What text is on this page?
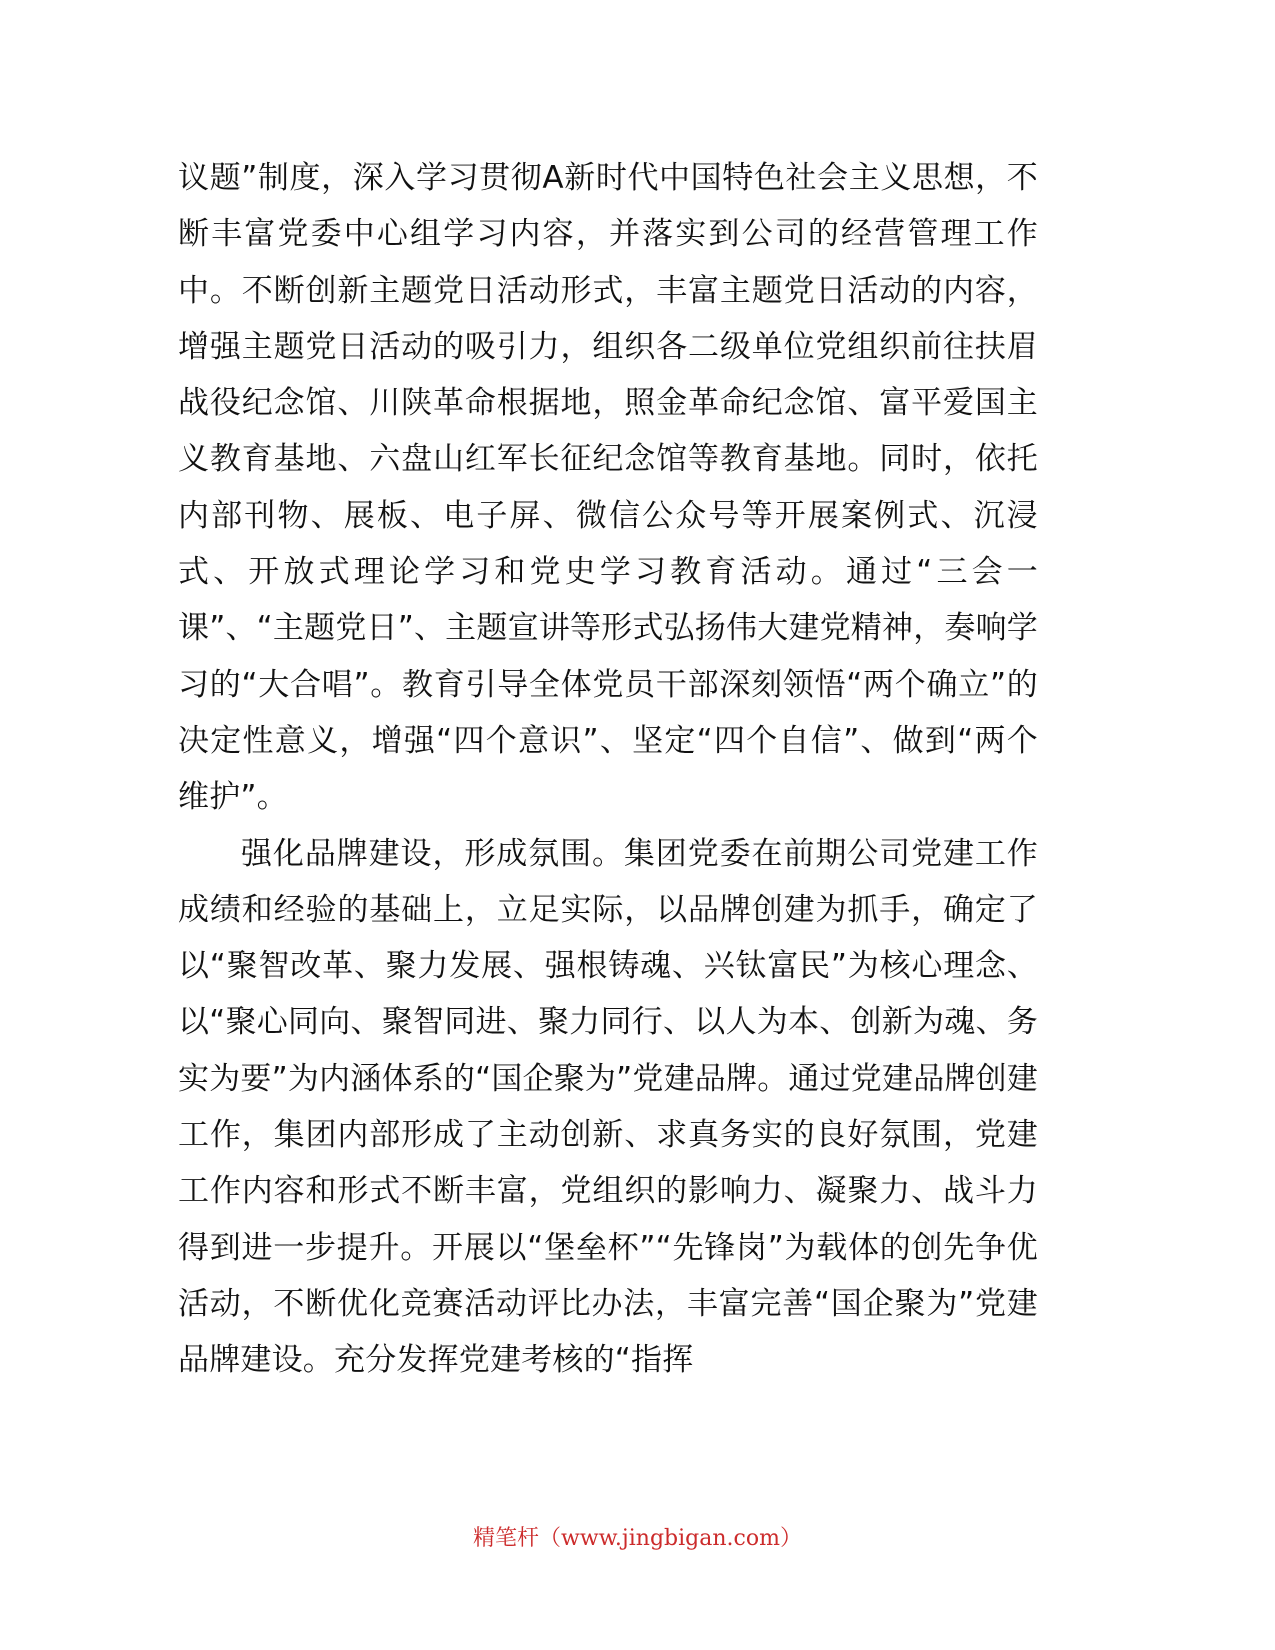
议题”制度，深入学习贯彻A新时代中国特色社会主义思想，不断丰富党委中心组学习内容，并落实到公司的经营管理工作中。不断创新主题党日活动形式，丰富主题党日活动的内容，增强主题党日活动的吸引力，组织各二级单位党组织前往扶眉战役纪念馆、川陕革命根据地，照金革命纪念馆、富平爱国主义教育基地、六盘山红军长征纪念馆等教育基地。同时，依托内部刊物、展板、电子屏、微信公众号等开展案例式、沉浸式、开放式理论学习和党史学习教育活动。通过“三会一课”、“主题党日”、主题宣讲等形式弘扬伟大建党精神，奏响学习的“大合唱”。教育引导全体党员干部深刻领悟“两个确立”的决定性意义，增强“四个意识”、坚定“四个自信”、做到“两个维护”。

强化品牌建设，形成氛围。集团党委在前期公司党建工作成绩和经验的基础上，立足实际，以品牌创建为抓手，确定了以“聚智改革、聚力发展、强根铸魂、兴钛富民”为核心理念、以“聚心同向、聚智同进、聚力同行、以人为本、创新为魂、务实为要”为内涵体系的“国企聚为”党建品牌。通过党建品牌创建工作，集团内部形成了主动创新、求真务实的良好氛围，党建工作内容和形式不断丰富，党组织的影响力、凝聚力、战斗力得到进一步提升。开展以“堡垒杯”“先锋岗”为载体的创先争优活动，不断优化竞赛活动评比办法，丰富完善“国企聚为”党建品牌建设。充分发挥党建考核的“指挥

精笔杆（www.jingbigan.com）
